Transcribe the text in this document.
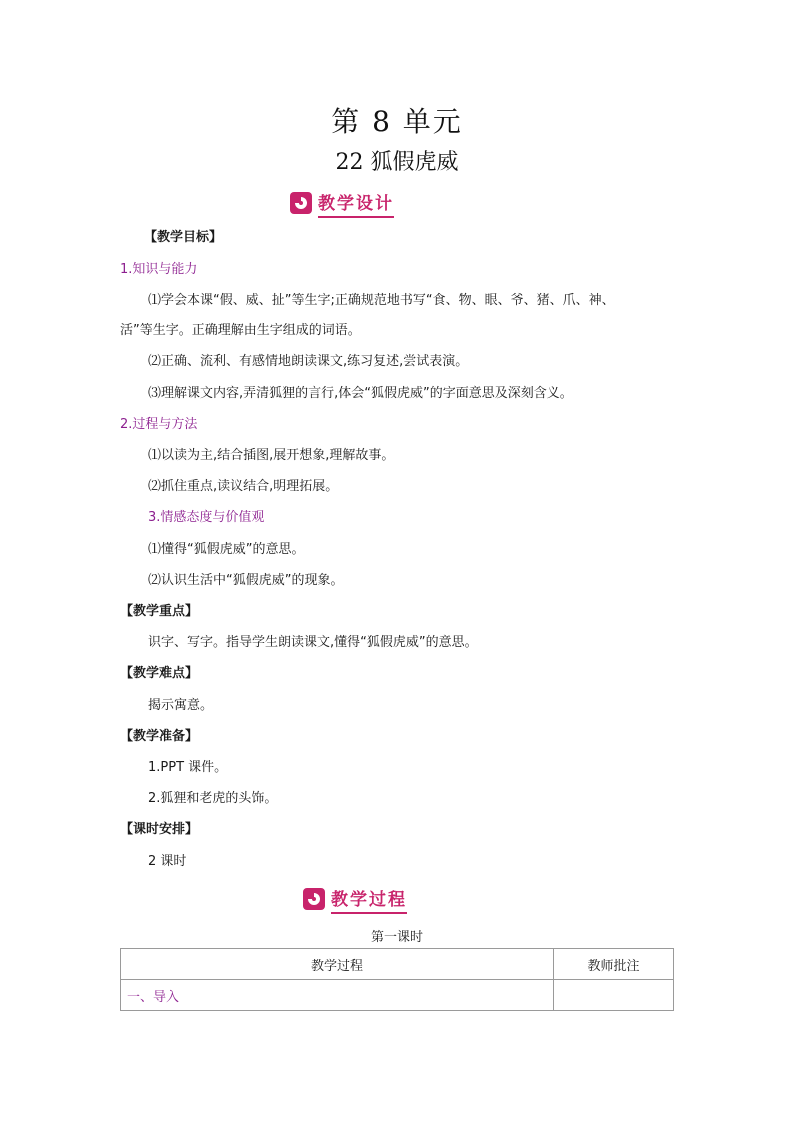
第 8 单元
22 狐假虎威
教学设计
【教学目标】
1.知识与能力
⑴学会本课“假、威、扯”等生字;正确规范地书写“食、物、眼、爷、猪、爪、神、
活”等生字。正确理解由生字组成的词语。
⑵正确、流利、有感情地朗读课文,练习复述,尝试表演。
⑶理解课文内容,弄清狐狸的言行,体会“狐假虎威”的字面意思及深刻含义。
2.过程与方法
⑴以读为主,结合插图,展开想象,理解故事。
⑵抓住重点,读议结合,明理拓展。
3.情感态度与价值观
⑴懂得“狐假虎威”的意思。
⑵认识生活中“狐假虎威”的现象。
【教学重点】
识字、写字。指导学生朗读课文,懂得“狐假虎威”的意思。
【教学难点】
揭示寓意。
【教学准备】
1.PPT 课件。
2.狐狸和老虎的头饰。
【课时安排】
2 课时
教学过程
第一课时
教学过程	教师批注
一、导入	
